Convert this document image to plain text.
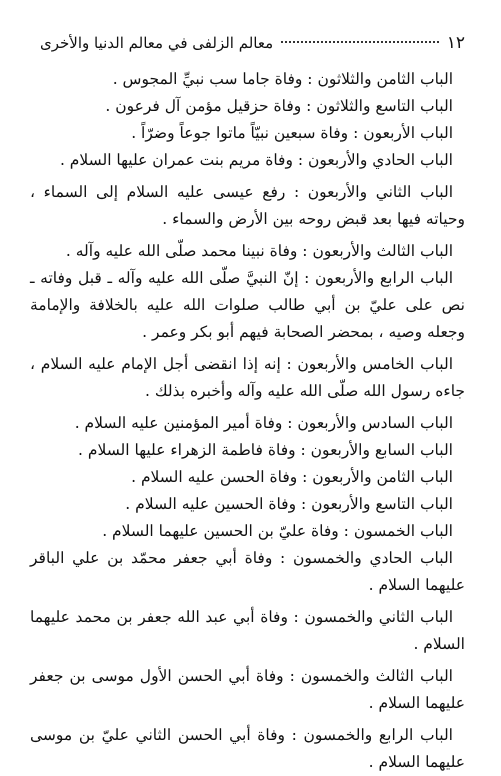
١٢
معالم الزلفى في معالم الدنيا والأخرى

الباب الثامن والثلاثون : وفاة جاما سب نبيِّ المجوس .

الباب التاسع والثلاثون : وفاة حزقيل مؤمن آل فرعون .

الباب الأربعون : وفاة سبعين نبيّاً ماتوا جوعاً وضرّاً .

الباب الحادي والأربعون : وفاة مريم بنت عمران عليها السلام .

الباب الثاني والأربعون : رفع عيسى عليه السلام إلى السماء ، وحياته فيها بعد قبض روحه بين الأرض والسماء .

الباب الثالث والأربعون : وفاة نبينا محمد صلّى الله عليه وآله .

الباب الرابع والأربعون : إنّ النبيَّ صلّى الله عليه وآله ـ قبل وفاته ـ نص على عليّ بن أبي طالب صلوات الله عليه بالخلافة والإمامة وجعله وصيه ، بمحضر الصحابة فيهم أبو بكر وعمر .

الباب الخامس والأربعون : إنه إذا انقضى أجل الإمام عليه السلام ، جاءه رسول الله صلّى الله عليه وآله وأخبره بذلك .

الباب السادس والأربعون : وفاة أمير المؤمنين عليه السلام .

الباب السابع والأربعون : وفاة فاطمة الزهراء عليها السلام .

الباب الثامن والأربعون : وفاة الحسن عليه السلام .

الباب التاسع والأربعون : وفاة الحسين عليه السلام .

الباب الخمسون : وفاة عليّ بن الحسين عليهما السلام .

الباب الحادي والخمسون : وفاة أبي جعفر محمّد بن علي الباقر عليهما السلام .

الباب الثاني والخمسون : وفاة أبي عبد الله جعفر بن محمد عليهما السلام .

الباب الثالث والخمسون : وفاة أبي الحسن الأول موسى بن جعفر عليهما السلام .

الباب الرابع والخمسون : وفاة أبي الحسن الثاني عليّ بن موسى عليهما السلام .
